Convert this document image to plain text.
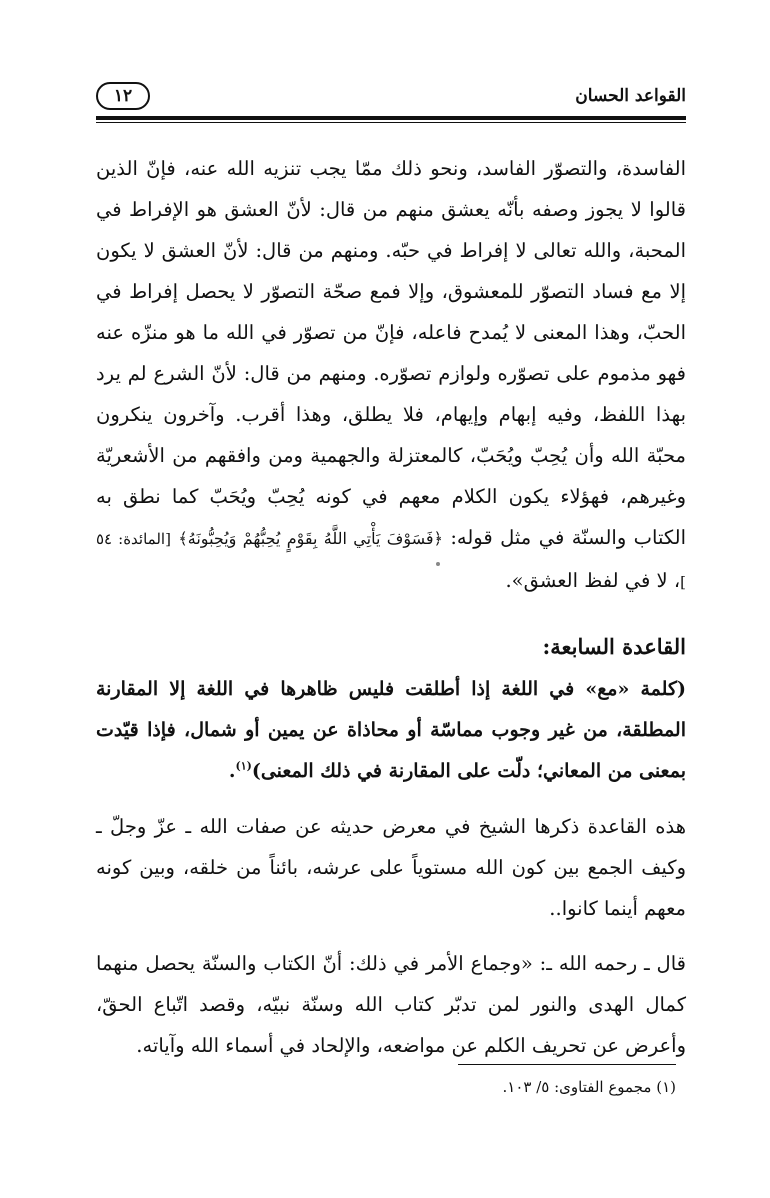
القواعد الحسان
١٢

الفاسدة، والتصوّر الفاسد، ونحو ذلك ممّا يجب تنزيه الله عنه، فإنّ الذين قالوا لا يجوز وصفه بأنّه يعشق منهم من قال: لأنّ العشق هو الإفراط في المحبة، والله تعالى لا إفراط في حبّه. ومنهم من قال: لأنّ العشق لا يكون إلا مع فساد التصوّر للمعشوق، وإلا فمع صحّة التصوّر لا يحصل إفراط في الحبّ، وهذا المعنى لا يُمدح فاعله، فإنّ من تصوّر في الله ما هو منزّه عنه فهو مذموم على تصوّره ولوازم تصوّره. ومنهم من قال: لأنّ الشرع لم يرد بهذا اللفظ، وفيه إبهام وإيهام، فلا يطلق، وهذا أقرب. وآخرون ينكرون محبّة الله وأن يُحِبّ ويُحَبّ، كالمعتزلة والجهمية ومن وافقهم من الأشعريّة وغيرهم، فهؤلاء يكون الكلام معهم في كونه يُحِبّ ويُحَبّ كما نطق به الكتاب والسنّة في مثل قوله: ﴿فَسَوْفَ يَأْتِي اللَّهُ بِقَوْمٍ يُحِبُّهُمْ وَيُحِبُّونَهُ﴾ [المائدة: ٥٤ ]، لا في لفظ العشق».

القاعدة السابعة:

(كلمة «مع» في اللغة إذا أطلقت فليس ظاهرها في اللغة إلا المقارنة المطلقة، من غير وجوب مماسّة أو محاذاة عن يمين أو شمال، فإذا قيّدت بمعنى من المعاني؛ دلّت على المقارنة في ذلك المعنى)$^{(١)}$.

هذه القاعدة ذكرها الشيخ في معرض حديثه عن صفات الله ـ عزّ وجلّ ـ وكيف الجمع بين كون الله مستوياً على عرشه، بائناً من خلقه، وبين كونه معهم أينما كانوا..

قال ـ رحمه الله ـ: «وجماع الأمر في ذلك: أنّ الكتاب والسنّة يحصل منهما كمال الهدى والنور لمن تدبّر كتاب الله وسنّة نبيّه، وقصد اتّباع الحقّ، وأعرض عن تحريف الكلم عن مواضعه، والإلحاد في أسماء الله وآياته.

(١) مجموع الفتاوى: ٥/ ١٠٣.
